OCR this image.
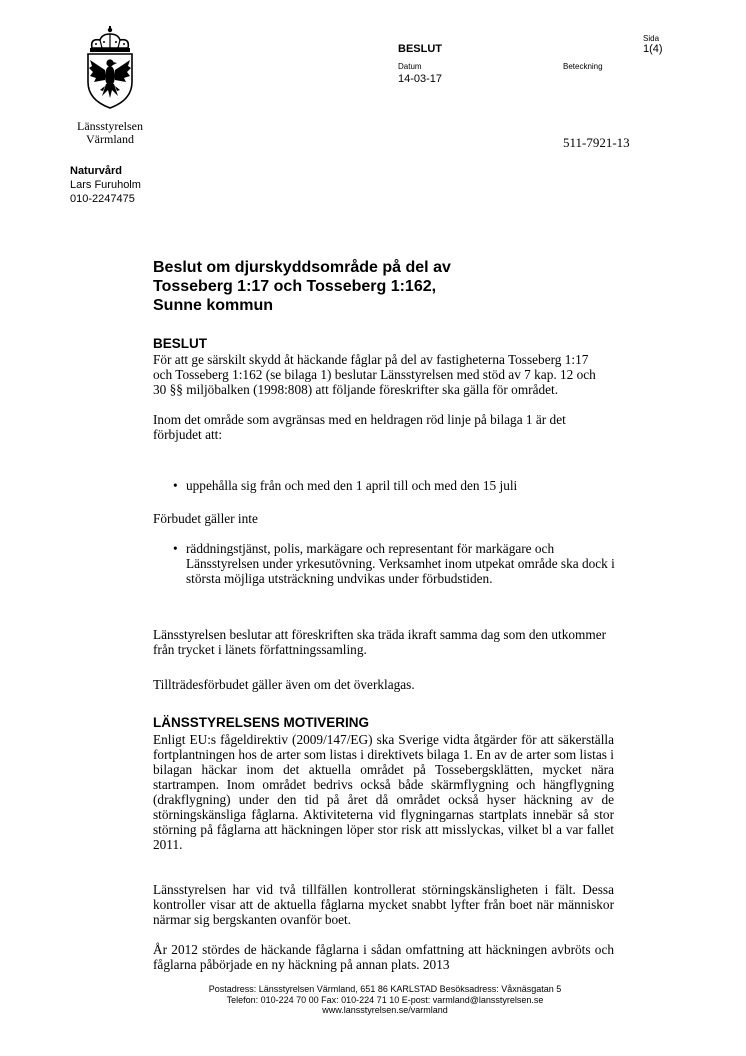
Länsstyrelsen
Värmland
BESLUT
Datum
14-03-17
Beteckning
511-7921-13
Sida
1(4)
Naturvård
Lars Furuholm
010-2247475
Beslut om djurskyddsområde på del av
Tosseberg 1:17 och Tosseberg 1:162,
Sunne kommun
BESLUT

För att ge särskilt skydd åt häckande fåglar på del av fastigheterna Tosseberg 1:17 och Tosseberg 1:162 (se bilaga 1) beslutar Länsstyrelsen med stöd av 7 kap. 12 och 30 §§ miljöbalken (1998:808) att följande föreskrifter ska gälla för området.

Inom det område som avgränsas med en heldragen röd linje på bilaga 1 är det förbjudet att:

• uppehålla sig från och med den 1 april till och med den 15 juli

Förbudet gäller inte

• räddningstjänst, polis, markägare och representant för markägare och Länsstyrelsen under yrkesutövning. Verksamhet inom utpekat område ska dock i största möjliga utsträckning undvikas under förbudstiden.

Länsstyrelsen beslutar att föreskriften ska träda ikraft samma dag som den utkommer från trycket i länets författningssamling.

Tillträdesförbudet gäller även om det överklagas.

LÄNSSTYRELSENS MOTIVERING

Enligt EU:s fågeldirektiv (2009/147/EG) ska Sverige vidta åtgärder för att säkerställa fortplantningen hos de arter som listas i direktivets bilaga 1. En av de arter som listas i bilagan häckar inom det aktuella området på Tossebergsklätten, mycket nära startrampen. Inom området bedrivs också både skärmflygning och hängflygning (drakflygning) under den tid på året då området också hyser häckning av de störningskänsliga fåglarna. Aktiviteterna vid flygningarnas startplats innebär så stor störning på fåglarna att häckningen löper stor risk att misslyckas, vilket bl a var fallet 2011.

Länsstyrelsen har vid två tillfällen kontrollerat störningskänsligheten i fält. Dessa kontroller visar att de aktuella fåglarna mycket snabbt lyfter från boet när människor närmar sig bergskanten ovanför boet.

År 2012 stördes de häckande fåglarna i sådan omfattning att häckningen avbröts och fåglarna påbörjade en ny häckning på annan plats. 2013

Postadress: Länsstyrelsen Värmland, 651 86 KARLSTAD Besöksadress: Våxnäsgatan 5
Telefon: 010-224 70 00 Fax: 010-224 71 10 E-post: varmland@lansstyrelsen.se
www.lansstyrelsen.se/varmland
